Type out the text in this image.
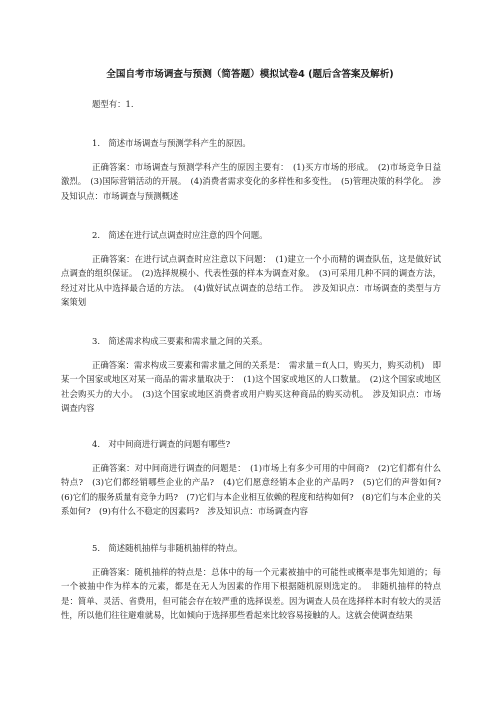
全国自考市场调查与预测（简答题）模拟试卷4 (题后含答案及解析)
题型有：1.

1.　简述市场调查与预测学科产生的原因。

正确答案：市场调查与预测学科产生的原因主要有：　(1)买方市场的形成。　(2)市场竞争日益激烈。　(3)国际营销活动的开展。　(4)消费者需求变化的多样性和多变性。　(5)管理决策的科学化。　涉及知识点：市场调查与预测概述

2.　简述在进行试点调查时应注意的四个问题。

正确答案：在进行试点调查时应注意以下问题：　(1)建立一个小而精的调查队伍，这是做好试点调查的组织保证。　(2)选择规模小、代表性强的样本为调查对象。　(3)可采用几种不同的调查方法，经过对比从中选择最合适的方法。　(4)做好试点调查的总结工作。　涉及知识点：市场调查的类型与方案策划

3.　简述需求构成三要素和需求量之间的关系。

正确答案：需求构成三要素和需求量之间的关系是：　需求量＝f(人口，购买力，购买动机)　即某一个国家或地区对某一商品的需求量取决于：　(1)这个国家或地区的人口数量。　(2)这个国家或地区社会购买力的大小。　(3)这个国家或地区消费者或用户购买这种商品的购买动机。　涉及知识点：市场调查内容

4.　对中间商进行调查的问题有哪些?

正确答案：对中间商进行调查的问题是：　(1)市场上有多少可用的中间商?　(2)它们都有什么特点?　(3)它们都经销哪些企业的产品?　(4)它们愿意经销本企业的产品吗?　(5)它们的声誉如何?　(6)它们的服务质量有竞争力吗?　(7)它们与本企业相互依赖的程度和结构如何?　(8)它们与本企业的关系如何?　(9)有什么不稳定的因素吗?　涉及知识点：市场调查内容

5.　简述随机抽样与非随机抽样的特点。

正确答案：随机抽样的特点是：总体中的每一个元素被抽中的可能性或概率是事先知道的；每一个被抽中作为样本的元素，都是在无人为因素的作用下根据随机原则选定的。　非随机抽样的特点是：简单、灵活、省费用，但可能会存在较严重的选择误差。因为调查人员在选择样本时有较大的灵活性，所以他们往往避难就易，比如倾向于选择那些看起来比较容易接触的人。这就会使调查结果
